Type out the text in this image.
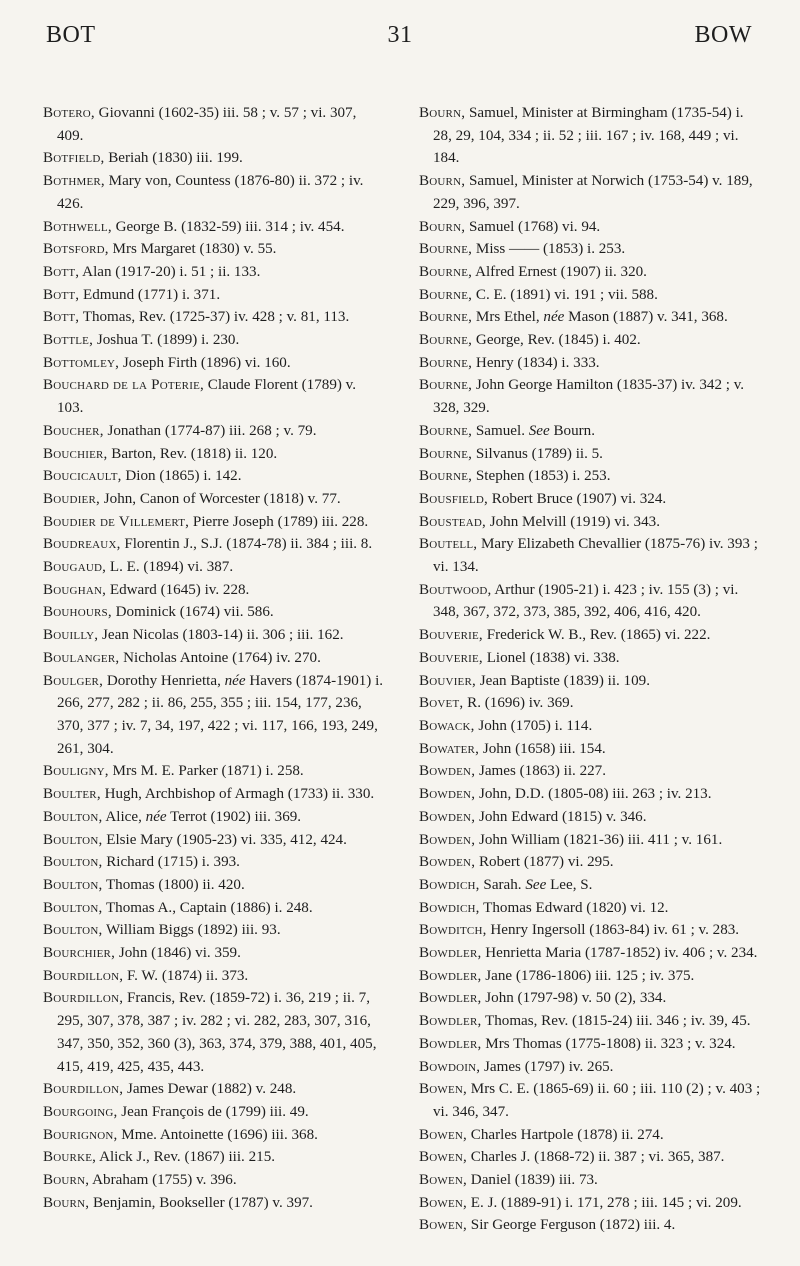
BOT	31	BOW

Botero, Giovanni (1602-35) iii. 58 ; v. 57 ; vi. 307, 409.

Botfield, Beriah (1830) iii. 199.

Bothmer, Mary von, Countess (1876-80) ii. 372 ; iv. 426.

Bothwell, George B. (1832-59) iii. 314 ; iv. 454.

Botsford, Mrs Margaret (1830) v. 55.

Bott, Alan (1917-20) i. 51 ; ii. 133.

Bott, Edmund (1771) i. 371.

Bott, Thomas, Rev. (1725-37) iv. 428 ; v. 81, 113.

Bottle, Joshua T. (1899) i. 230.

Bottomley, Joseph Firth (1896) vi. 160.

Bouchard de la Poterie, Claude Florent (1789) v. 103.

Boucher, Jonathan (1774-87) iii. 268 ; v. 79.

Bouchier, Barton, Rev. (1818) ii. 120.

Boucicault, Dion (1865) i. 142.

Boudier, John, Canon of Worcester (1818) v. 77.

Boudier de Villemert, Pierre Joseph (1789) iii. 228.

Boudreaux, Florentin J., S.J. (1874-78) ii. 384 ; iii. 8.

Bougaud, L. E. (1894) vi. 387.

Boughan, Edward (1645) iv. 228.

Bouhours, Dominick (1674) vii. 586.

Bouilly, Jean Nicolas (1803-14) ii. 306 ; iii. 162.

Boulanger, Nicholas Antoine (1764) iv. 270.

Boulger, Dorothy Henrietta, née Havers (1874-1901) i. 266, 277, 282 ; ii. 86, 255, 355 ; iii. 154, 177, 236, 370, 377 ; iv. 7, 34, 197, 422 ; vi. 117, 166, 193, 249, 261, 304.

Bouligny, Mrs M. E. Parker (1871) i. 258.

Boulter, Hugh, Archbishop of Armagh (1733) ii. 330.

Boulton, Alice, née Terrot (1902) iii. 369.

Boulton, Elsie Mary (1905-23) vi. 335, 412, 424.

Boulton, Richard (1715) i. 393.

Boulton, Thomas (1800) ii. 420.

Boulton, Thomas A., Captain (1886) i. 248.

Boulton, William Biggs (1892) iii. 93.

Bourchier, John (1846) vi. 359.

Bourdillon, F. W. (1874) ii. 373.

Bourdillon, Francis, Rev. (1859-72) i. 36, 219 ; ii. 7, 295, 307, 378, 387 ; iv. 282 ; vi. 282, 283, 307, 316, 347, 350, 352, 360 (3), 363, 374, 379, 388, 401, 405, 415, 419, 425, 435, 443.

Bourdillon, James Dewar (1882) v. 248.

Bourgoing, Jean François de (1799) iii. 49.

Bourignon, Mme. Antoinette (1696) iii. 368.

Bourke, Alick J., Rev. (1867) iii. 215.

Bourn, Abraham (1755) v. 396.

Bourn, Benjamin, Bookseller (1787) v. 397.

Bourn, Samuel, Minister at Birmingham (1735-54) i. 28, 29, 104, 334 ; ii. 52 ; iii. 167 ; iv. 168, 449 ; vi. 184.

Bourn, Samuel, Minister at Norwich (1753-54) v. 189, 229, 396, 397.

Bourn, Samuel (1768) vi. 94.

Bourne, Miss —— (1853) i. 253.

Bourne, Alfred Ernest (1907) ii. 320.

Bourne, C. E. (1891) vi. 191 ; vii. 588.

Bourne, Mrs Ethel, née Mason (1887) v. 341, 368.

Bourne, George, Rev. (1845) i. 402.

Bourne, Henry (1834) i. 333.

Bourne, John George Hamilton (1835-37) iv. 342 ; v. 328, 329.

Bourne, Samuel. See Bourn.

Bourne, Silvanus (1789) ii. 5.

Bourne, Stephen (1853) i. 253.

Bousfield, Robert Bruce (1907) vi. 324.

Boustead, John Melvill (1919) vi. 343.

Boutell, Mary Elizabeth Chevallier (1875-76) iv. 393 ; vi. 134.

Boutwood, Arthur (1905-21) i. 423 ; iv. 155 (3) ; vi. 348, 367, 372, 373, 385, 392, 406, 416, 420.

Bouverie, Frederick W. B., Rev. (1865) vi. 222.

Bouverie, Lionel (1838) vi. 338.

Bouvier, Jean Baptiste (1839) ii. 109.

Bovet, R. (1696) iv. 369.

Bowack, John (1705) i. 114.

Bowater, John (1658) iii. 154.

Bowden, James (1863) ii. 227.

Bowden, John, D.D. (1805-08) iii. 263 ; iv. 213.

Bowden, John Edward (1815) v. 346.

Bowden, John William (1821-36) iii. 411 ; v. 161.

Bowden, Robert (1877) vi. 295.

Bowdich, Sarah. See Lee, S.

Bowdich, Thomas Edward (1820) vi. 12.

Bowditch, Henry Ingersoll (1863-84) iv. 61 ; v. 283.

Bowdler, Henrietta Maria (1787-1852) iv. 406 ; v. 234.

Bowdler, Jane (1786-1806) iii. 125 ; iv. 375.

Bowdler, John (1797-98) v. 50 (2), 334.

Bowdler, Thomas, Rev. (1815-24) iii. 346 ; iv. 39, 45.

Bowdler, Mrs Thomas (1775-1808) ii. 323 ; v. 324.

Bowdoin, James (1797) iv. 265.

Bowen, Mrs C. E. (1865-69) ii. 60 ; iii. 110 (2) ; v. 403 ; vi. 346, 347.

Bowen, Charles Hartpole (1878) ii. 274.

Bowen, Charles J. (1868-72) ii. 387 ; vi. 365, 387.

Bowen, Daniel (1839) iii. 73.

Bowen, E. J. (1889-91) i. 171, 278 ; iii. 145 ; vi. 209.

Bowen, Sir George Ferguson (1872) iii. 4.
